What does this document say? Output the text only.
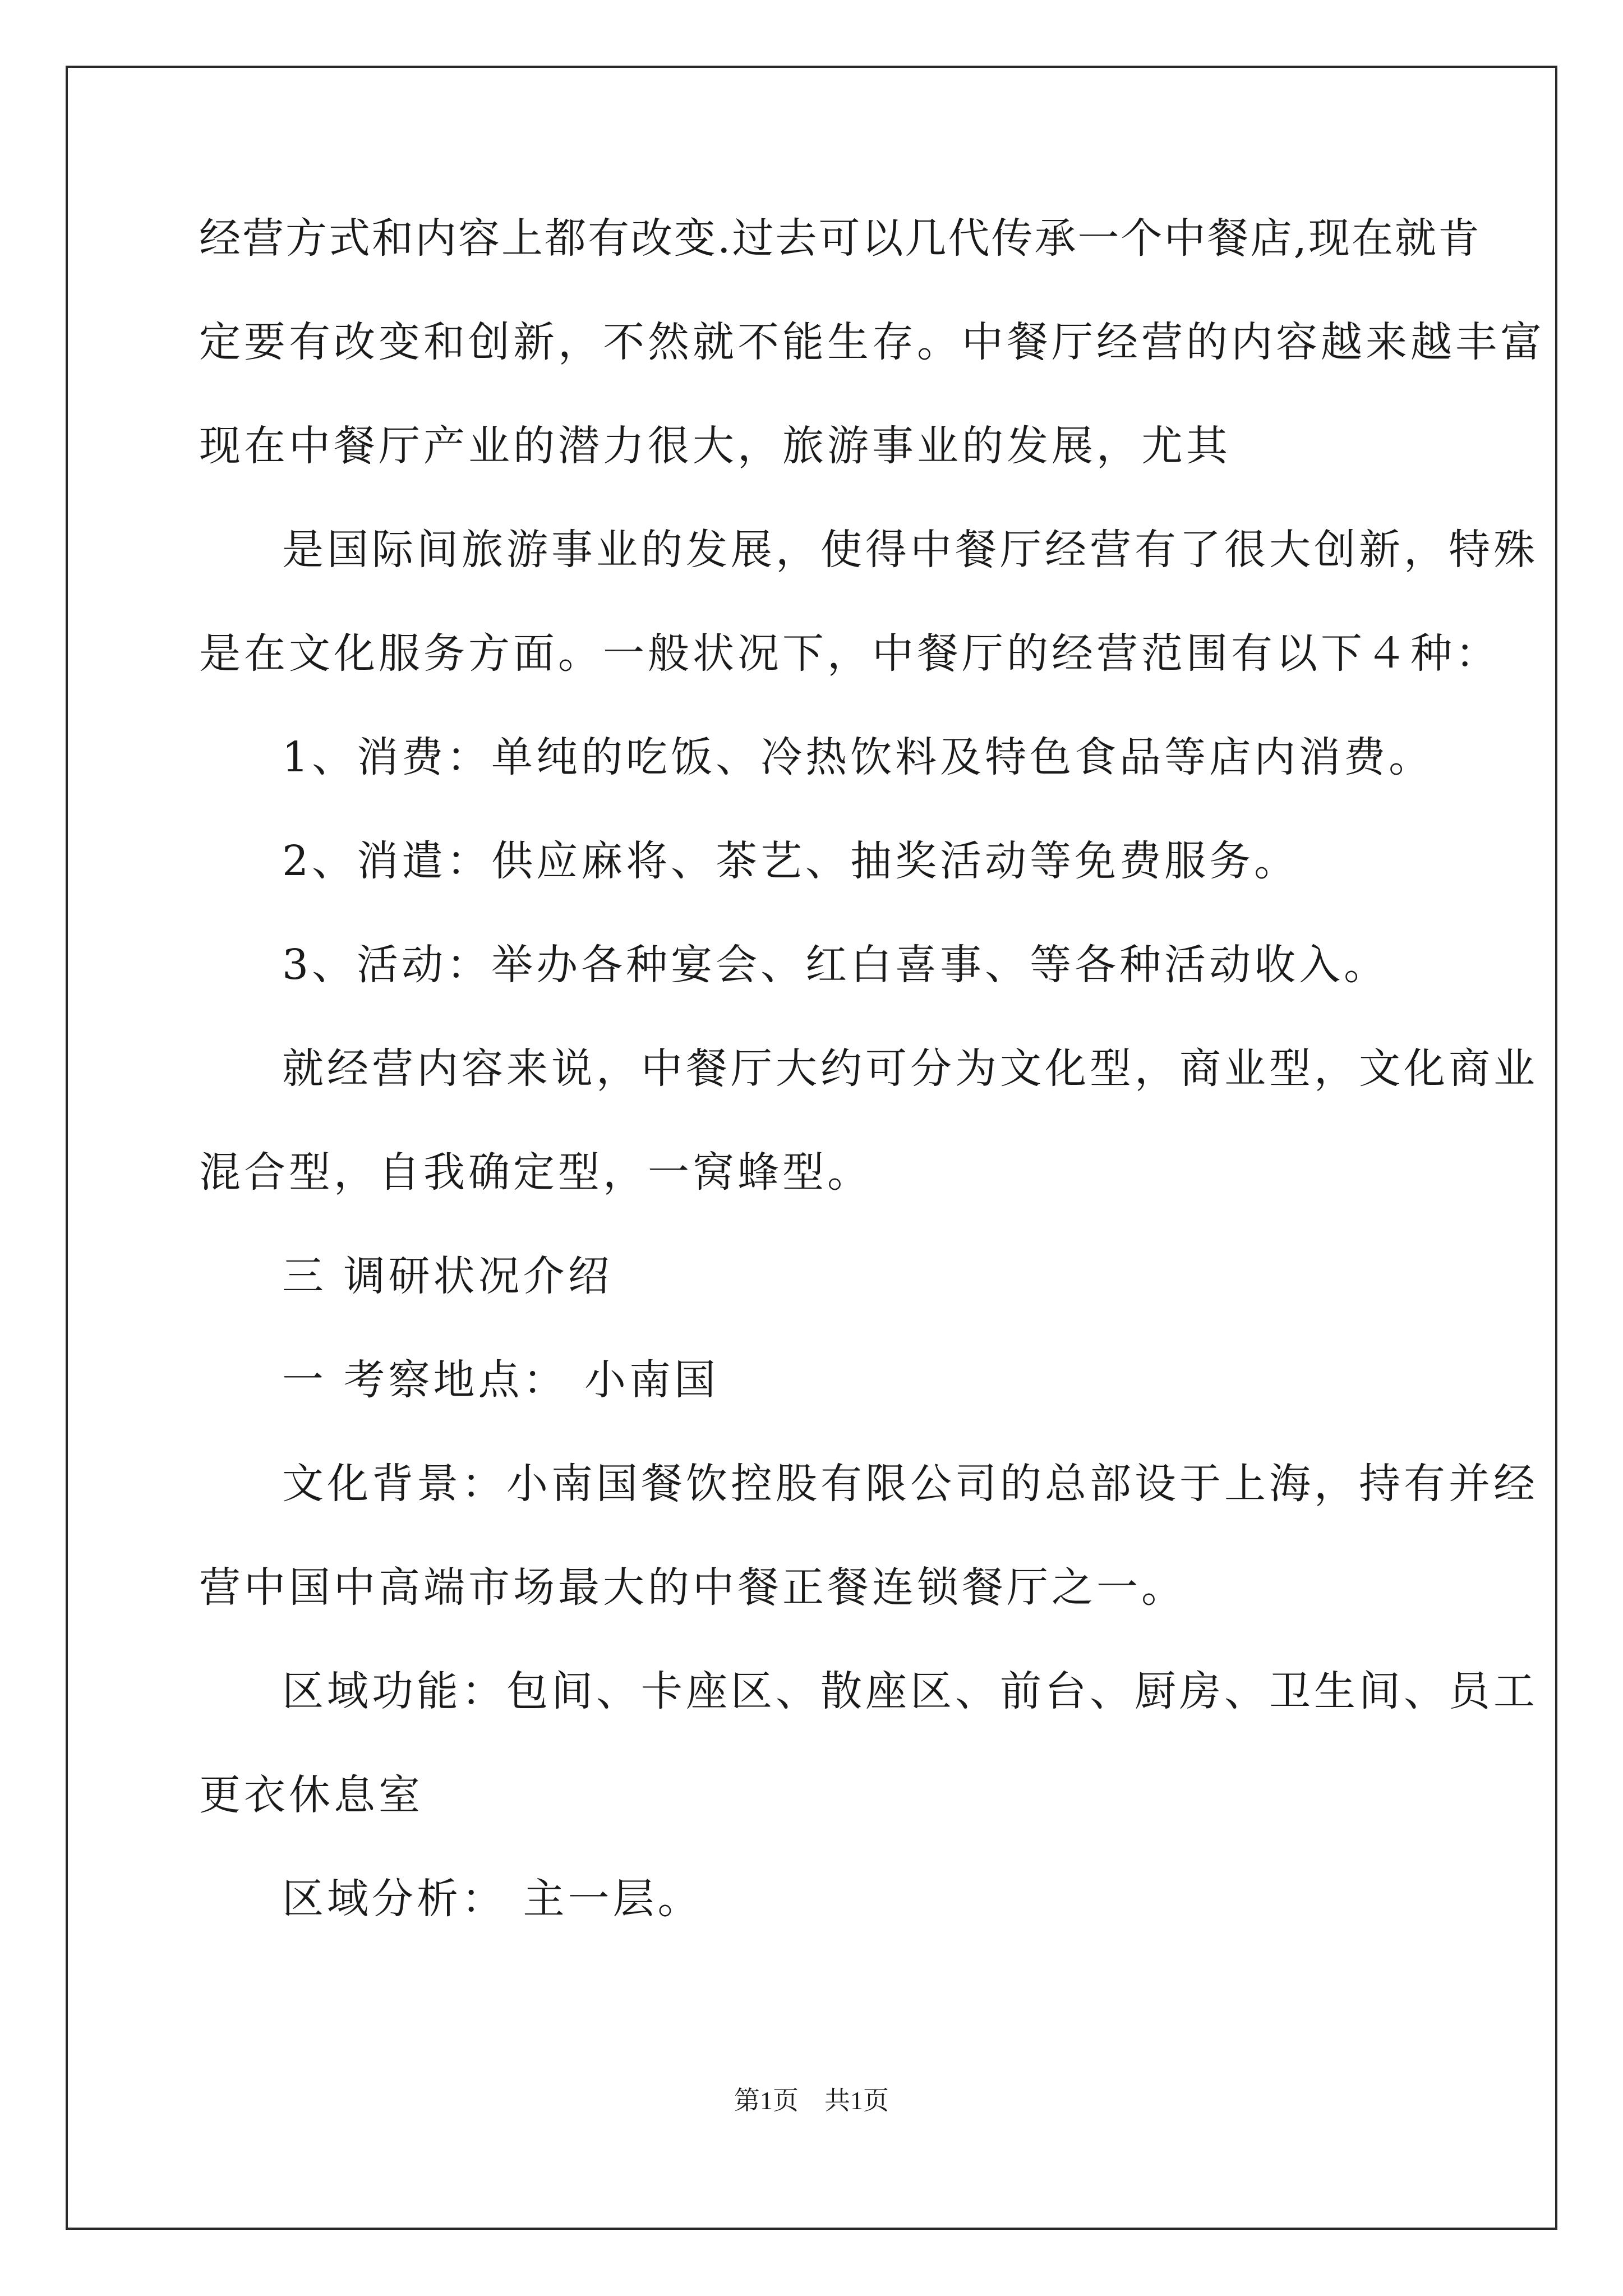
经营方式和内容上都有改变.过去可以几代传承一个中餐店,现在就肯
定要有改变和创新，不然就不能生存。中餐厅经营的内容越来越丰富
现在中餐厅产业的潜力很大，旅游事业的发展，尤其
是国际间旅游事业的发展，使得中餐厅经营有了很大创新，特殊
是在文化服务方面。一般状况下，中餐厅的经营范围有以下４种：
1、消费：单纯的吃饭、冷热饮料及特色食品等店内消费。
2、消遣：供应麻将、茶艺、抽奖活动等免费服务。
3、活动：举办各种宴会、红白喜事、等各种活动收入。
就经营内容来说，中餐厅大约可分为文化型，商业型，文化商业
混合型，自我确定型，一窝蜂型。
三 调研状况介绍
一 考察地点： 小南国
文化背景：小南国餐饮控股有限公司的总部设于上海，持有并经
营中国中高端市场最大的中餐正餐连锁餐厅之一。
区域功能：包间、卡座区、散座区、前台、厨房、卫生间、员工
更衣休息室
区域分析： 主一层。
第1页　共1页
